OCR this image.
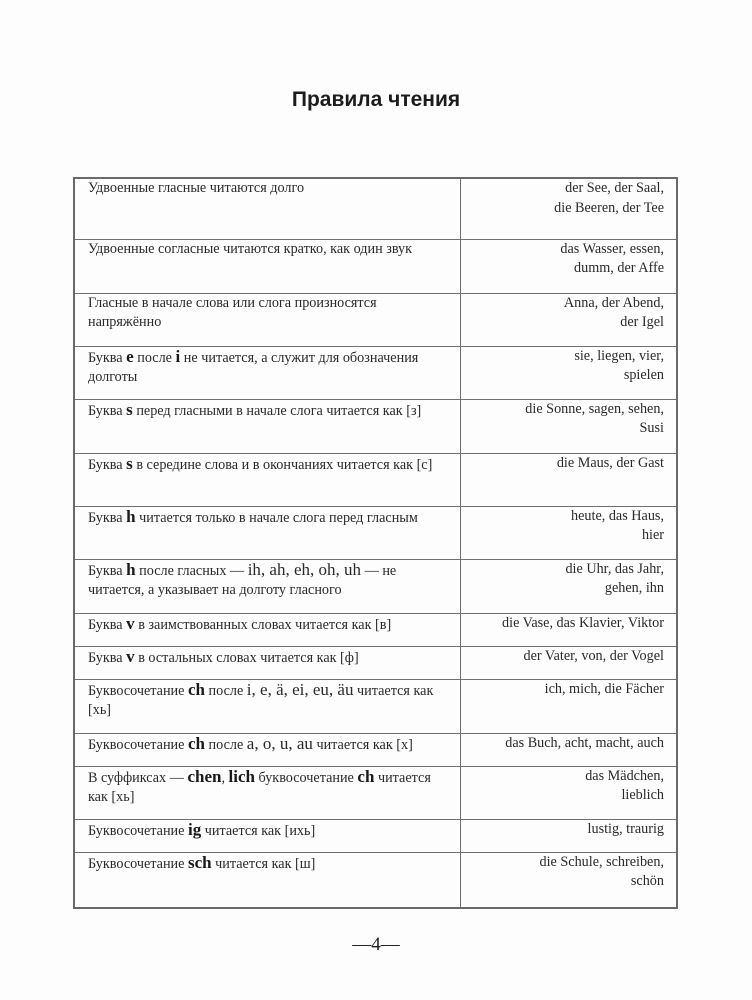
Правила чтения
Удвоенные гласные читаются долго	der See, der Saal,
die Beeren, der Tee

Удвоенные согласные читаются кратко, как один звук	das Wasser, essen,
dumm, der Affe

Гласные в начале слова или слога произносятся напряжённо	Anna, der Abend,
der Igel

Буква e после i не читается, а служит для обозначения долготы	sie, liegen, vier,
spielen

Буква s перед гласными в начале слога читается как [з]	die Sonne, sagen, sehen,
Susi

Буква s в середине слова и в окончаниях читается как [с]	die Maus, der Gast

Буква h читается только в начале слога перед гласным	heute, das Haus,
hier

Буква h после гласных — ih, ah, eh, oh, uh — не читается, а указывает на долготу гласного	die Uhr, das Jahr,
gehen, ihn

Буква v в заимствованных словах читается как [в]	die Vase, das Klavier, Viktor

Буква v в остальных словах читается как [ф]	der Vater, von, der Vogel

Буквосочетание ch после i, e, ä, ei, eu, äu читается как [хь]	ich, mich, die Fächer

Буквосочетание ch после a, o, u, au читается как [х]	das Buch, acht, macht, auch

В суффиксах — chen, lich буквосочетание ch читается как [хь]	das Mädchen,
lieblich

Буквосочетание ig читается как [ихь]	lustig, traurig

Буквосочетание sch читается как [ш]	die Schule, schreiben,
schön
—4—
